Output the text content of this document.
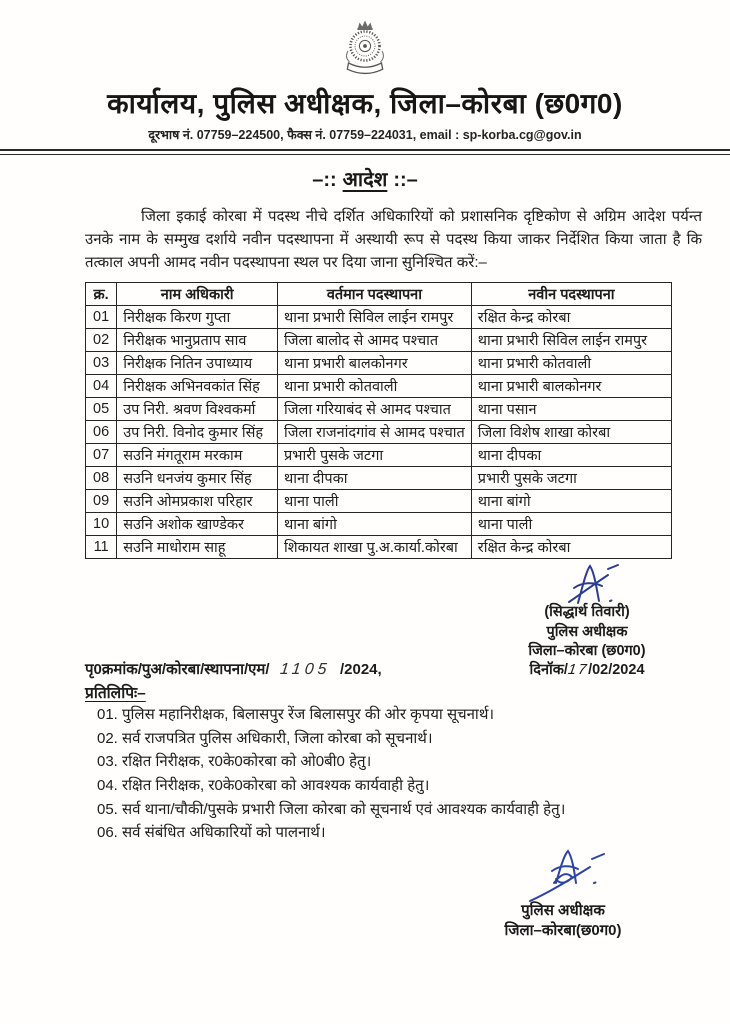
कार्यालय, पुलिस अधीक्षक, जिला–कोरबा (छ0ग0)
दूरभाष नं. 07759–224500, फैक्स नं. 07759–224031, email : sp-korba.cg@gov.in
–:: आदेश ::–

जिला इकाई कोरबा में पदस्थ नीचे दर्शित अधिकारियों को प्रशासनिक दृष्टिकोण से अग्रिम आदेश पर्यन्त उनके नाम के सम्मुख दर्शाये नवीन पदस्थापना में अस्थायी रूप से पदस्थ किया जाकर निर्देशित किया जाता है कि तत्काल अपनी आमद नवीन पदस्थापना स्थल पर दिया जाना सुनिश्चित करें:–

क्र.	नाम अधिकारी	वर्तमान पदस्थापना	नवीन पदस्थापना
01	निरीक्षक किरण गुप्ता	थाना प्रभारी सिविल लाईन रामपुर	रक्षित केन्द्र कोरबा
02	निरीक्षक भानुप्रताप साव	जिला बालोद से आमद पश्चात	थाना प्रभारी सिविल लाईन रामपुर
03	निरीक्षक नितिन उपाध्याय	थाना प्रभारी बालकोनगर	थाना प्रभारी कोतवाली
04	निरीक्षक अभिनवकांत सिंह	थाना प्रभारी कोतवाली	थाना प्रभारी बालकोनगर
05	उप निरी. श्रवण विश्वकर्मा	जिला गरियाबंद से आमद पश्चात	थाना पसान
06	उप निरी. विनोद कुमार सिंह	जिला राजनांदगांव से आमद पश्चात	जिला विशेष शाखा कोरबा
07	सउनि मंगतूराम मरकाम	प्रभारी पुसके जटगा	थाना दीपका
08	सउनि धनजंय कुमार सिंह	थाना दीपका	प्रभारी पुसके जटगा
09	सउनि ओमप्रकाश परिहार	थाना पाली	थाना बांगो
10	सउनि अशोक खाण्डेकर	थाना बांगो	थाना पाली
11	सउनि माधोराम साहू	शिकायत शाखा पु.अ.कार्या.कोरबा	रक्षित केन्द्र कोरबा
(सिद्धार्थ तिवारी)
पुलिस अधीक्षक
जिला–कोरबा (छ0ग0)
दिनॉक/17/02/2024
पृ0क्रमांक/पुअ/कोरबा/स्थापना/एम/ 1105 /2024,
प्रतिलिपिः–
01. पुलिस महानिरीक्षक, बिलासपुर रेंज बिलासपुर की ओर कृपया सूचनार्थ।
02. सर्व राजपत्रित पुलिस अधिकारी, जिला कोरबा को सूचनार्थ।
03. रक्षित निरीक्षक, र0के0कोरबा को ओ0बी0 हेतु।
04. रक्षित निरीक्षक, र0के0कोरबा को आवश्यक कार्यवाही हेतु।
05. सर्व थाना/चौकी/पुसके प्रभारी जिला कोरबा को सूचनार्थ एवं आवश्यक कार्यवाही हेतु।
06. सर्व संबंधित अधिकारियों को पालनार्थ।
पुलिस अधीक्षक
जिला–कोरबा(छ0ग0)
